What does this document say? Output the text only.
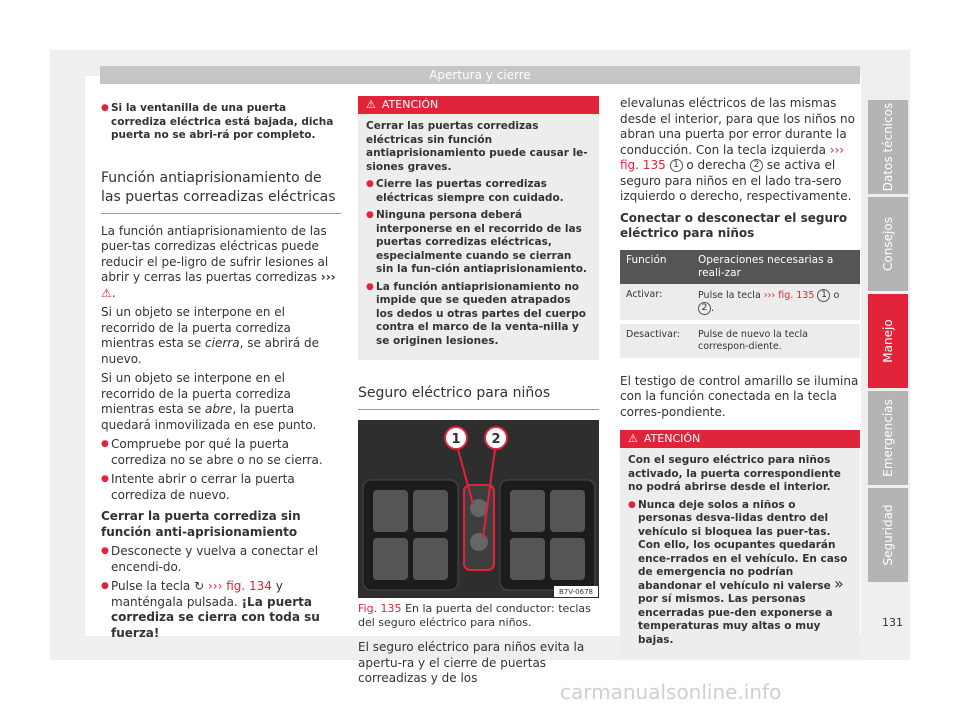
Apertura y cierre

● Si la ventanilla de una puerta corrediza eléctrica está bajada, dicha puerta no se abri-rá por completo.

Función antiaprisionamiento de las puertas correadizas eléctricas

La función antiaprisionamiento de las puer-tas corredizas eléctricas puede reducir el pe-ligro de sufrir lesiones al abrir y cerras las puertas corredizas ››› ⚠.

Si un objeto se interpone en el recorrido de la puerta corrediza mientras esta se cierra, se abrirá de nuevo.

Si un objeto se interpone en el recorrido de la puerta corrediza mientras esta se abre, la puerta quedará inmovilizada en ese punto.

● Compruebe por qué la puerta corrediza no se abre o no se cierra.

● Intente abrir o cerrar la puerta corrediza de nuevo.

Cerrar la puerta corrediza sin función anti-aprisionamiento

● Desconecte y vuelva a conectar el encendi-do.

● Pulse la tecla ↻ ››› fig. 134 y manténgala pulsada. ¡La puerta corrediza se cierra con toda su fuerza!

⚠ ATENCIÓN

Cerrar las puertas corredizas eléctricas sin función antiaprisionamiento puede causar le-siones graves.

● Cierre las puertas corredizas eléctricas siempre con cuidado.

● Ninguna persona deberá interponerse en el recorrido de las puertas corredizas eléctricas, especialmente cuando se cierran sin la fun-ción antiaprisionamiento.

● La función antiaprisionamiento no impide que se queden atrapados los dedos u otras partes del cuerpo contra el marco de la venta-nilla y se originen lesiones.

Seguro eléctrico para niños
1 2
B7V-0678

Fig. 135 En la puerta del conductor: teclas del seguro eléctrico para niños.

El seguro eléctrico para niños evita la apertu-ra y el cierre de puertas correadizas y de los

elevalunas eléctricos de las mismas desde el interior, para que los niños no abran una puerta por error durante la conducción. Con la tecla izquierda ››› fig. 135 1 o derecha 2 se activa el seguro para niños en el lado tra-sero izquierdo o derecho, respectivamente.

Conectar o desconectar el seguro eléctrico para niños

Función	Operaciones necesarias a reali-zar
Activar:	Pulse la tecla ››› fig. 135 1 o 2 .
Desactivar:	Pulse de nuevo la tecla correspon-diente.

El testigo de control amarillo se ilumina con la función conectada en la tecla corres-pondiente.

⚠ ATENCIÓN

Con el seguro eléctrico para niños activado, la puerta correspondiente no podrá abrirse desde el interior.

● Nunca deje solos a niños o personas desva-lidas dentro del vehículo si bloquea las puer-tas. Con ello, los ocupantes quedarán ence-rrados en el vehículo. En caso de emergencia no podrían abandonar el vehículo ni valerse por sí mismos. Las personas encerradas pue-den exponerse a temperaturas muy altas o muy bajas.

»
Datos técnicos
Consejos
Manejo
Emergencias
Seguridad
131
carmanualsonline.info
